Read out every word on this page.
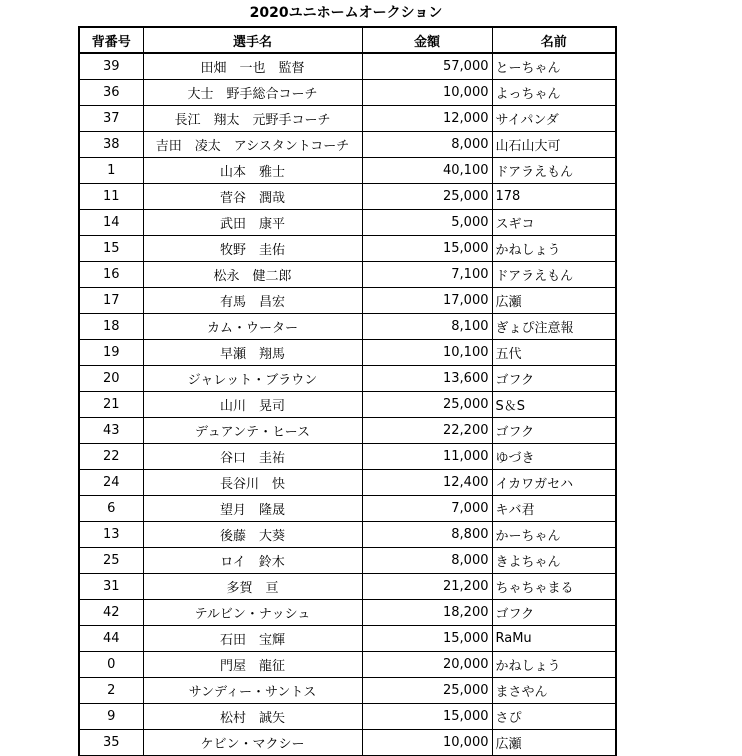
2020ユニホームオークション
背番号	選手名	金額	名前
39	田畑　一也　監督	57,000	とーちゃん
36	大士　野手総合コーチ	10,000	よっちゃん
37	長江　翔太　元野手コーチ	12,000	サイパンダ
38	吉田　凌太　アシスタントコーチ	8,000	山石山大可
1	山本　雅士	40,100	ドアラえもん
11	菅谷　潤哉	25,000	178
14	武田　康平	5,000	スギコ
15	牧野　圭佑	15,000	かねしょう
16	松永　健二郎	7,100	ドアラえもん
17	有馬　昌宏	17,000	広瀬
18	カム・ウーター	8,100	ぎょぴ注意報
19	早瀬　翔馬	10,100	五代
20	ジャレット・ブラウン	13,600	ゴフク
21	山川　晃司	25,000	S＆S
43	デュアンテ・ヒース	22,200	ゴフク
22	谷口　圭祐	11,000	ゆづき
24	長谷川　快	12,400	イカワガセハ
6	望月　隆晟	7,000	キバ君
13	後藤　大葵	8,800	かーちゃん
25	ロイ　鈴木	8,000	きよちゃん
31	多賀　亘	21,200	ちゃちゃまる
42	テルビン・ナッシュ	18,200	ゴフク
44	石田　宝輝	15,000	RaMu
0	門屋　龍征	20,000	かねしょう
2	サンディー・サントス	25,000	まさやん
9	松村　誠矢	15,000	さぴ
35	ケビン・マクシー	10,000	広瀬
